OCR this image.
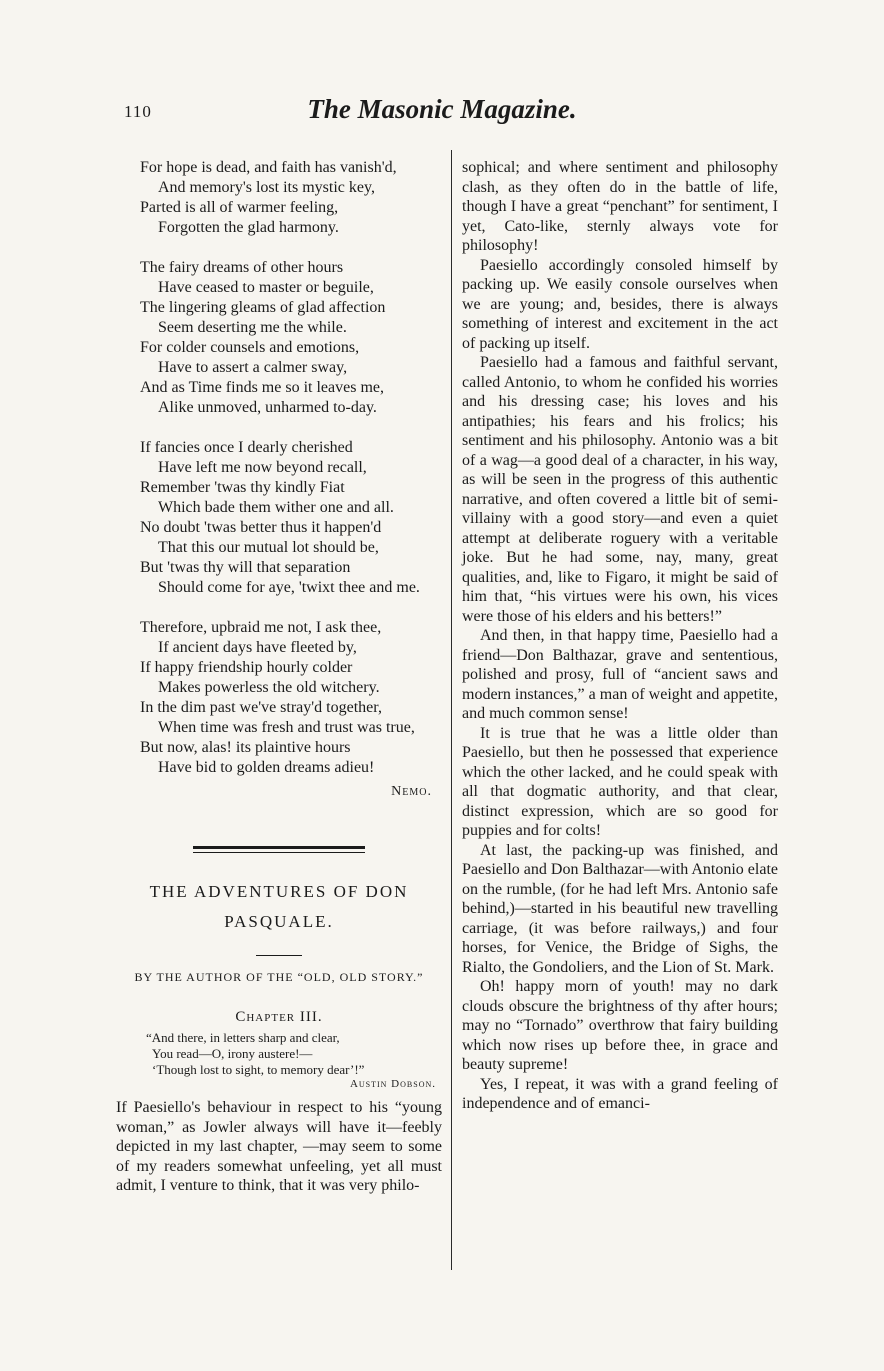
110	The Masonic Magazine.
For hope is dead, and faith has vanish'd,
And memory's lost its mystic key,
Parted is all of warmer feeling,
Forgotten the glad harmony.
The fairy dreams of other hours
Have ceased to master or beguile,
The lingering gleams of glad affection
Seem deserting me the while.
For colder counsels and emotions,
Have to assert a calmer sway,
And as Time finds me so it leaves me,
Alike unmoved, unharmed to-day.
If fancies once I dearly cherished
Have left me now beyond recall,
Remember 'twas thy kindly Fiat
Which bade them wither one and all.
No doubt 'twas better thus it happen'd
That this our mutual lot should be,
But 'twas thy will that separation
Should come for aye, 'twixt thee and me.
Therefore, upbraid me not, I ask thee,
If ancient days have fleeted by,
If happy friendship hourly colder
Makes powerless the old witchery.
In the dim past we've stray'd together,
When time was fresh and trust was true,
But now, alas! its plaintive hours
Have bid to golden dreams adieu!
Nemo.
THE ADVENTURES OF DON
PASQUALE.
BY THE AUTHOR OF THE “OLD, OLD STORY.”
Chapter III.
“And there, in letters sharp and clear,
You read—O, irony austere!—
‘Though lost to sight, to memory dear’!”
Austin Dobson.

If Paesiello's behaviour in respect to his “young woman,” as Jowler always will have it—feebly depicted in my last chapter, —may seem to some of my readers somewhat unfeeling, yet all must admit, I venture to think, that it was very philo-

sophical; and where sentiment and philosophy clash, as they often do in the battle of life, though I have a great “penchant” for sentiment, I yet, Cato-like, sternly always vote for philosophy!

Paesiello accordingly consoled himself by packing up. We easily console ourselves when we are young; and, besides, there is always something of interest and excitement in the act of packing up itself.

Paesiello had a famous and faithful servant, called Antonio, to whom he confided his worries and his dressing case; his loves and his antipathies; his fears and his frolics; his sentiment and his philosophy. Antonio was a bit of a wag—a good deal of a character, in his way, as will be seen in the progress of this authentic narrative, and often covered a little bit of semi-villainy with a good story—and even a quiet attempt at deliberate roguery with a veritable joke. But he had some, nay, many, great qualities, and, like to Figaro, it might be said of him that, “his virtues were his own, his vices were those of his elders and his betters!”

And then, in that happy time, Paesiello had a friend—Don Balthazar, grave and sententious, polished and prosy, full of “ancient saws and modern instances,” a man of weight and appetite, and much common sense!

It is true that he was a little older than Paesiello, but then he possessed that experience which the other lacked, and he could speak with all that dogmatic authority, and that clear, distinct expression, which are so good for puppies and for colts!

At last, the packing-up was finished, and Paesiello and Don Balthazar—with Antonio elate on the rumble, (for he had left Mrs. Antonio safe behind,)—started in his beautiful new travelling carriage, (it was before railways,) and four horses, for Venice, the Bridge of Sighs, the Rialto, the Gondoliers, and the Lion of St. Mark.

Oh! happy morn of youth! may no dark clouds obscure the brightness of thy after hours; may no “Tornado” overthrow that fairy building which now rises up before thee, in grace and beauty supreme!

Yes, I repeat, it was with a grand feeling of independence and of emanci-
